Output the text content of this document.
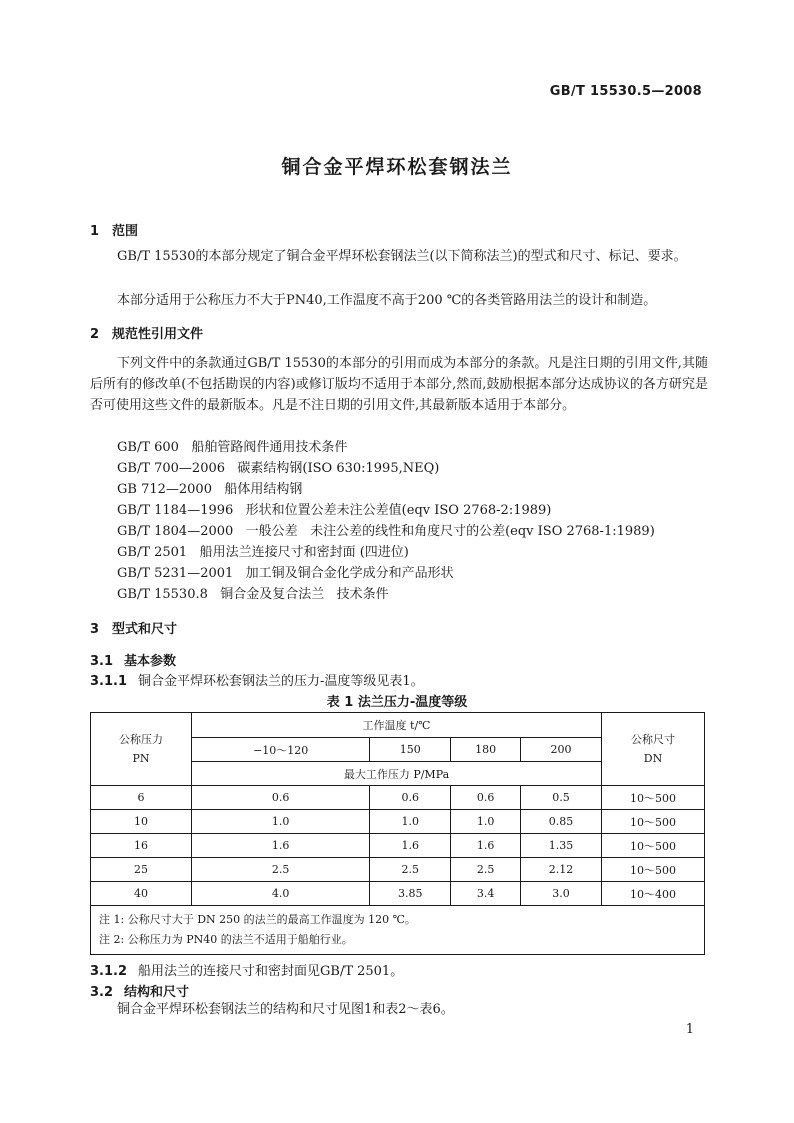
GB/T 15530.5—2008
铜合金平焊环松套钢法兰
1 范围
GB/T 15530的本部分规定了铜合金平焊环松套钢法兰(以下简称法兰)的型式和尺寸、标记、要求。
本部分适用于公称压力不大于PN40,工作温度不高于200 ℃的各类管路用法兰的设计和制造。
2 规范性引用文件
下列文件中的条款通过GB/T 15530的本部分的引用而成为本部分的条款。凡是注日期的引用文件,其随后所有的修改单(不包括勘误的内容)或修订版均不适用于本部分,然而,鼓励根据本部分达成协议的各方研究是否可使用这些文件的最新版本。凡是不注日期的引用文件,其最新版本适用于本部分。
GB/T 600   船舶管路阀件通用技术条件
GB/T 700—2006   碳素结构钢(ISO 630:1995,NEQ)
GB 712—2000   船体用结构钢
GB/T 1184—1996   形状和位置公差未注公差值(eqv ISO 2768-2:1989)
GB/T 1804—2000   一般公差   未注公差的线性和角度尺寸的公差(eqv ISO 2768-1:1989)
GB/T 2501   船用法兰连接尺寸和密封面 (四进位)
GB/T 5231—2001   加工铜及铜合金化学成分和产品形状
GB/T 15530.8   铜合金及复合法兰   技术条件
3 型式和尺寸
3.1 基本参数
3.1.1 铜合金平焊环松套钢法兰的压力-温度等级见表1。
表 1 法兰压力-温度等级
公称压力
PN	工作温度 t/℃				公称尺寸
DN
	−10～120	150	180	200	
	最大工作压力 P/MPa				
6	0.6	0.6	0.6	0.5	10～500
10	1.0	1.0	1.0	0.85	10～500
16	1.6	1.6	1.6	1.35	10～500
25	2.5	2.5	2.5	2.12	10～500
40	4.0	3.85	3.4	3.0	10～400

注 1: 公称尺寸大于 DN 250 的法兰的最高工作温度为 120 ℃。
注 2: 公称压力为 PN40 的法兰不适用于船舶行业。					
3.1.2 船用法兰的连接尺寸和密封面见GB/T 2501。
3.2 结构和尺寸
铜合金平焊环松套钢法兰的结构和尺寸见图1和表2～表6。
1
